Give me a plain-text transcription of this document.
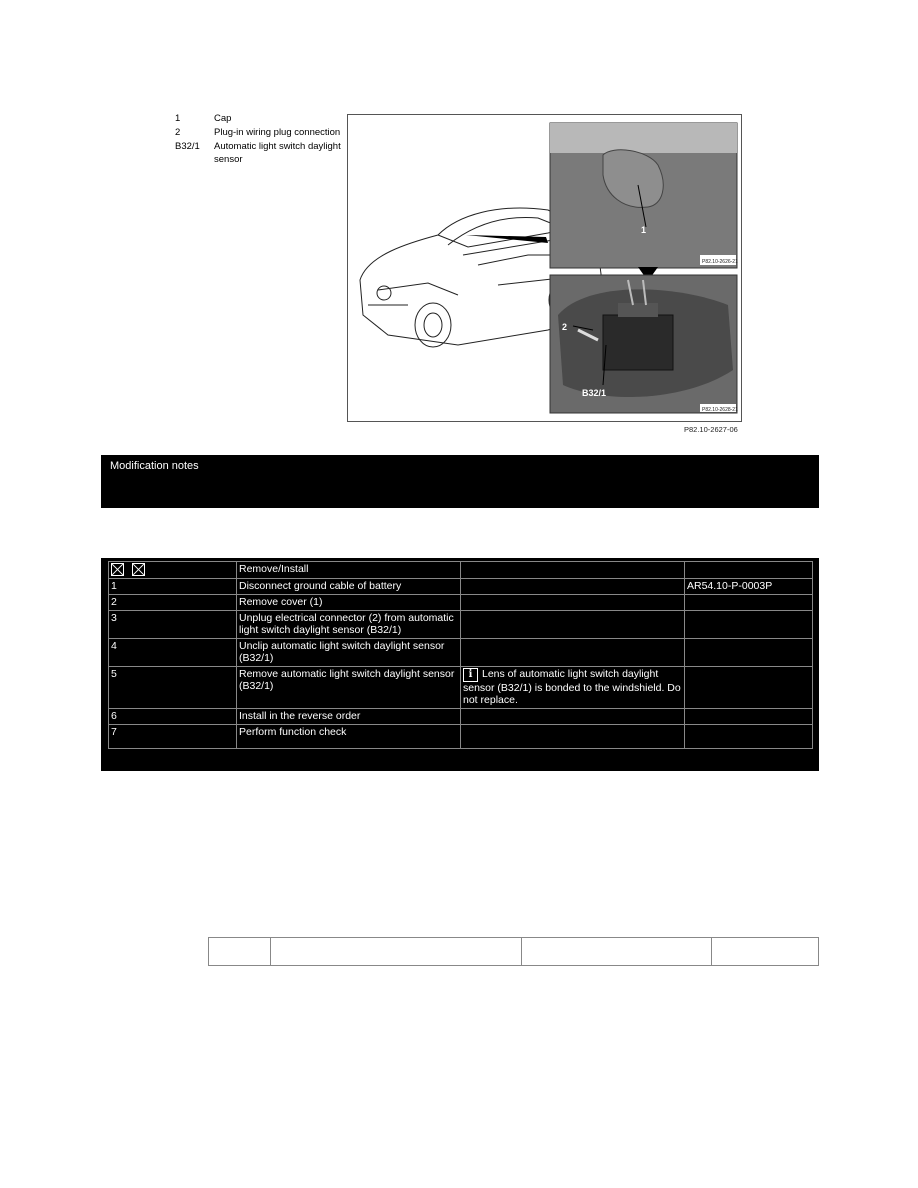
1	Cap
2	Plug-in wiring plug connection
B32/1	Automatic light switch daylight sensor
1
P82.10-2626-21
2
B32/1
P82.10-2628-21
P82.10-2627-06
Modification notes
11.4.03	Disconnecting ground lead from battery newly included	Step 1	
	Remove/Install		
1	Disconnect ground cable of battery		AR54.10-P-0003P
2	Remove cover (1)		
3	Unplug electrical connector (2) from automatic light switch daylight sensor (B32/1)		
4	Unclip automatic light switch daylight sensor (B32/1)		
5	Remove automatic light switch daylight sensor (B32/1)	i Lens of automatic light switch daylight sensor (B32/1) is bonded to the windshield. Do not replace.	
6	Install in the reverse order		
7	Perform function check		
